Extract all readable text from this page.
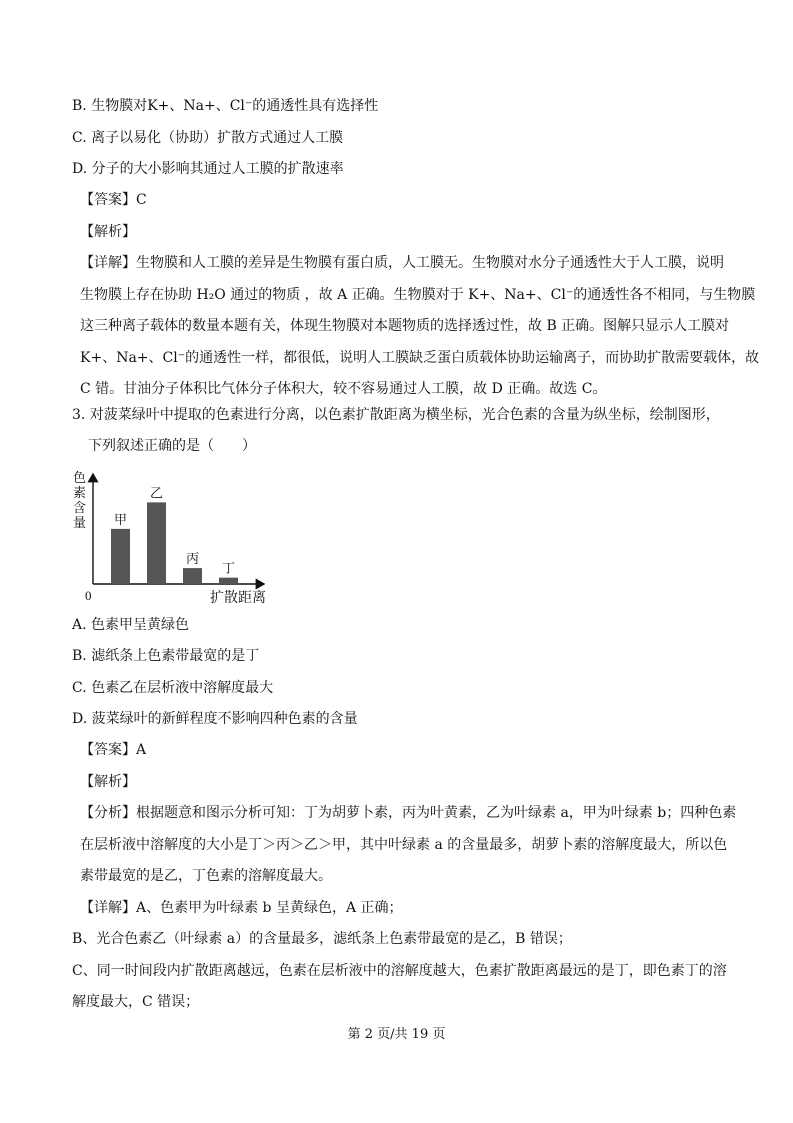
B. 生物膜对K+、Na+、Cl⁻的通透性具有选择性
C. 离子以易化（协助）扩散方式通过人工膜
D. 分子的大小影响其通过人工膜的扩散速率
【答案】C
【解析】
【详解】生物膜和人工膜的差异是生物膜有蛋白质，人工膜无。生物膜对水分子通透性大于人工膜，说明
生物膜上存在协助 H₂O 通过的物质 ，故 A 正确。生物膜对于 K+、Na+、Cl⁻的通透性各不相同，与生物膜
这三种离子载体的数量本题有关，体现生物膜对本题物质的选择透过性，故 B 正确。图解只显示人工膜对
K+、Na+、Cl⁻的通透性一样，都很低，说明人工膜缺乏蛋白质载体协助运输离子，而协助扩散需要载体，故
C 错。甘油分子体积比气体分子体积大，较不容易通过人工膜，故 D 正确。故选 C。
3. 对菠菜绿叶中提取的色素进行分离，以色素扩散距离为横坐标，光合色素的含量为纵坐标，绘制图形，
下列叙述正确的是（　　）
色
素
含
量
扩散距离
0
甲
乙
丙
丁
A. 色素甲呈黄绿色
B. 滤纸条上色素带最宽的是丁
C. 色素乙在层析液中溶解度最大
D. 菠菜绿叶的新鲜程度不影响四种色素的含量
【答案】A
【解析】
【分析】根据题意和图示分析可知：丁为胡萝卜素，丙为叶黄素，乙为叶绿素 a，甲为叶绿素 b；四种色素
在层析液中溶解度的大小是丁＞丙＞乙＞甲，其中叶绿素 a 的含量最多，胡萝卜素的溶解度最大，所以色
素带最宽的是乙，丁色素的溶解度最大。
【详解】A、色素甲为叶绿素 b 呈黄绿色，A 正确；
B、光合色素乙（叶绿素 a）的含量最多，滤纸条上色素带最宽的是乙，B 错误；
C、同一时间段内扩散距离越远，色素在层析液中的溶解度越大，色素扩散距离最远的是丁，即色素丁的溶
解度最大，C 错误；
第 2 页/共 19 页
